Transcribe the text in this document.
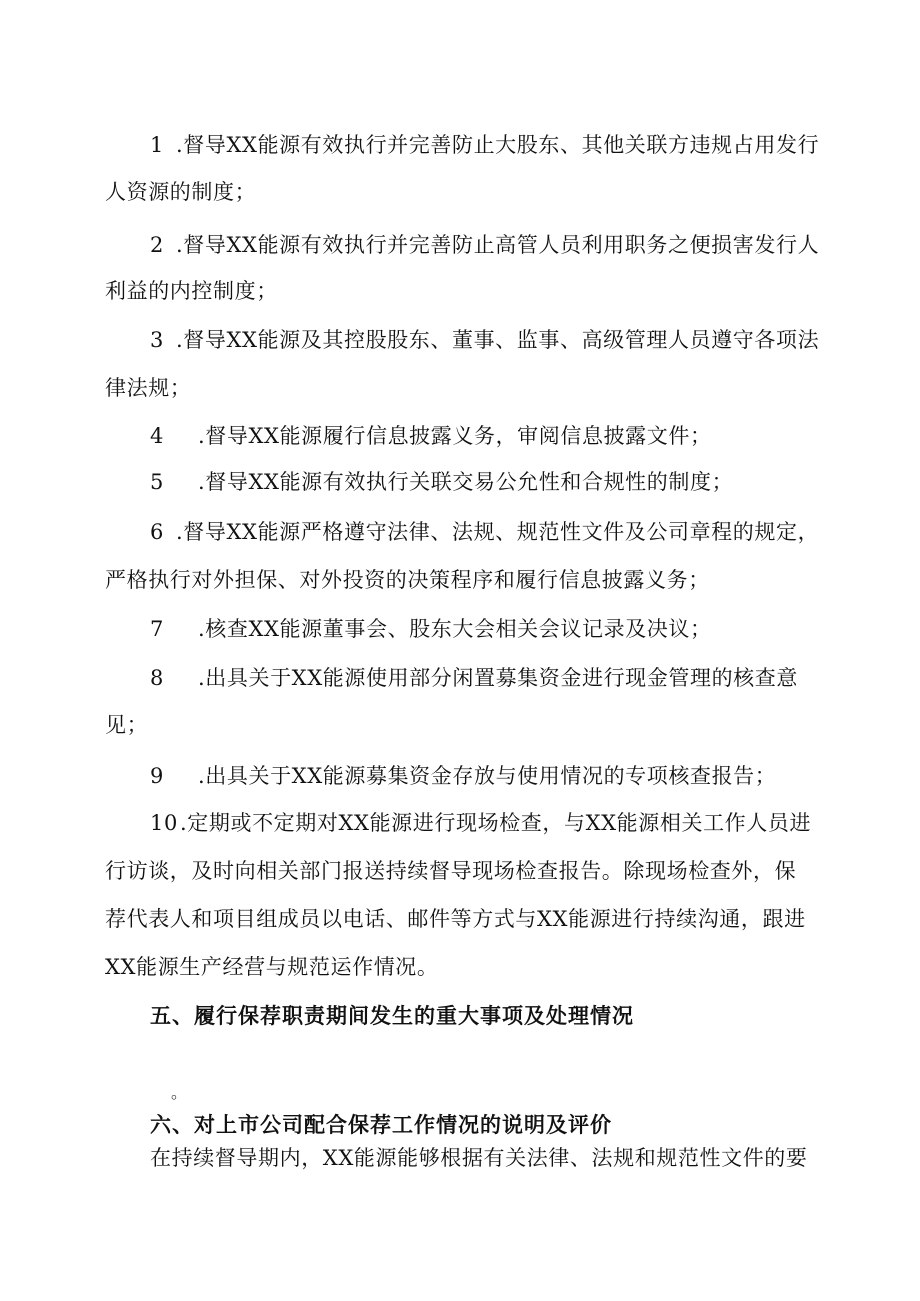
1 .督导XX能源有效执行并完善防止大股东、其他关联方违规占用发行
人资源的制度；
2 .督导XX能源有效执行并完善防止高管人员利用职务之便损害发行人
利益的内控制度；
3 .督导XX能源及其控股股东、董事、监事、高级管理人员遵守各项法
律法规；
4 .督导XX能源履行信息披露义务，审阅信息披露文件；
5 .督导XX能源有效执行关联交易公允性和合规性的制度；
6 .督导XX能源严格遵守法律、法规、规范性文件及公司章程的规定，
严格执行对外担保、对外投资的决策程序和履行信息披露义务；
7 .核查XX能源董事会、股东大会相关会议记录及决议；
8 .出具关于XX能源使用部分闲置募集资金进行现金管理的核查意
见；
9 .出具关于XX能源募集资金存放与使用情况的专项核查报告；
10.定期或不定期对XX能源进行现场检查，与XX能源相关工作人员进
行访谈，及时向相关部门报送持续督导现场检查报告。除现场检查外，保
荐代表人和项目组成员以电话、邮件等方式与XX能源进行持续沟通，跟进
XX能源生产经营与规范运作情况。
五、履行保荐职责期间发生的重大事项及处理情况
。
六、对上市公司配合保荐工作情况的说明及评价
在持续督导期内，XX能源能够根据有关法律、法规和规范性文件的要
